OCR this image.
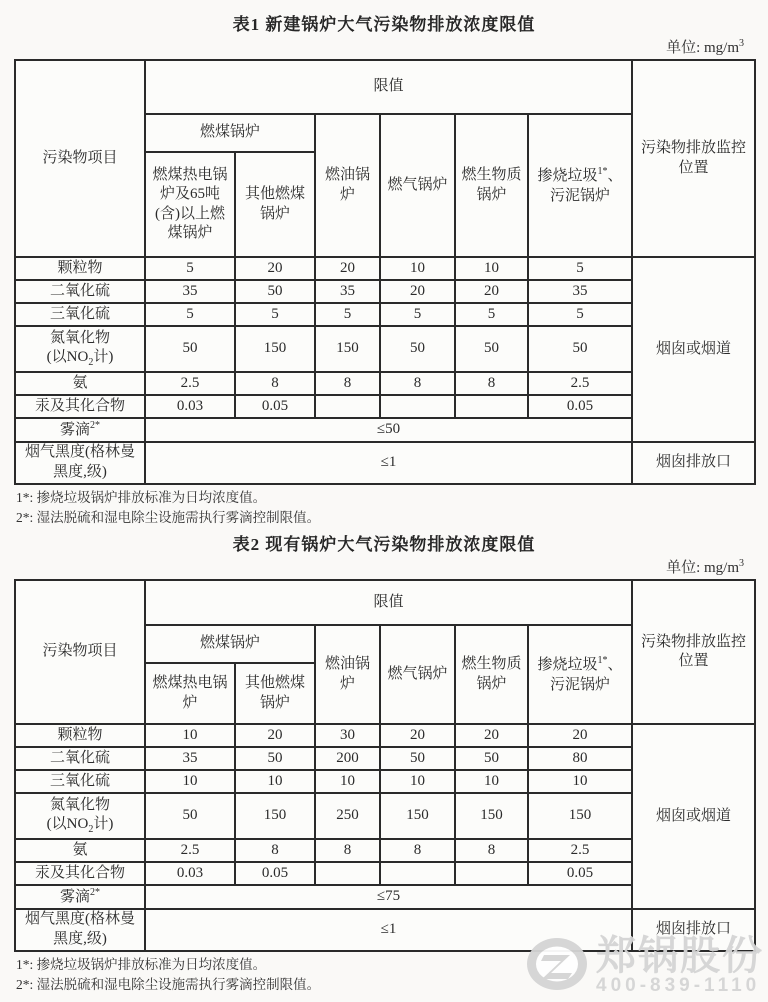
表1 新建锅炉大气污染物排放浓度限值
单位: $mg/m^3$
污染物项目	限值						污染物排放监控位置
	燃煤锅炉		燃油锅炉	燃气锅炉	燃生物质锅炉	掺烧垃圾$^{1*}$、污泥锅炉	
	燃煤热电锅炉及65吨(含)以上燃煤锅炉	其他燃煤锅炉					
颗粒物	5	20	20	10	10	5	烟囱或烟道
二氧化硫	35	50	35	20	20	35	
三氧化硫	5	5	5	5	5	5	
氮氧化物
(以$NO_2$计)	50	150	150	50	50	50	
氨	2.5	8	8	8	8	2.5	
汞及其化合物	0.03	0.05				0.05	
雾滴$^{2*}$	≤50						
烟气黑度(格林曼黑度,级)	≤1						烟囱排放口
1*: 掺烧垃圾锅炉排放标准为日均浓度值。
2*: 湿法脱硫和湿电除尘设施需执行雾滴控制限值。
表2 现有锅炉大气污染物排放浓度限值
单位: $mg/m^3$
污染物项目	限值						污染物排放监控位置
	燃煤锅炉		燃油锅炉	燃气锅炉	燃生物质锅炉	掺烧垃圾$^{1*}$、污泥锅炉	
	燃煤热电锅炉	其他燃煤锅炉					
颗粒物	10	20	30	20	20	20	烟囱或烟道
二氧化硫	35	50	200	50	50	80	
三氧化硫	10	10	10	10	10	10	
氮氧化物
(以$NO_2$计)	50	150	250	150	150	150	
氨	2.5	8	8	8	8	2.5	
汞及其化合物	0.03	0.05				0.05	
雾滴$^{2*}$	≤75						
烟气黑度(格林曼黑度,级)	≤1						烟囱排放口
1*: 掺烧垃圾锅炉排放标准为日均浓度值。
2*: 湿法脱硫和湿电除尘设施需执行雾滴控制限值。
郑锅股份
400-839-1110
